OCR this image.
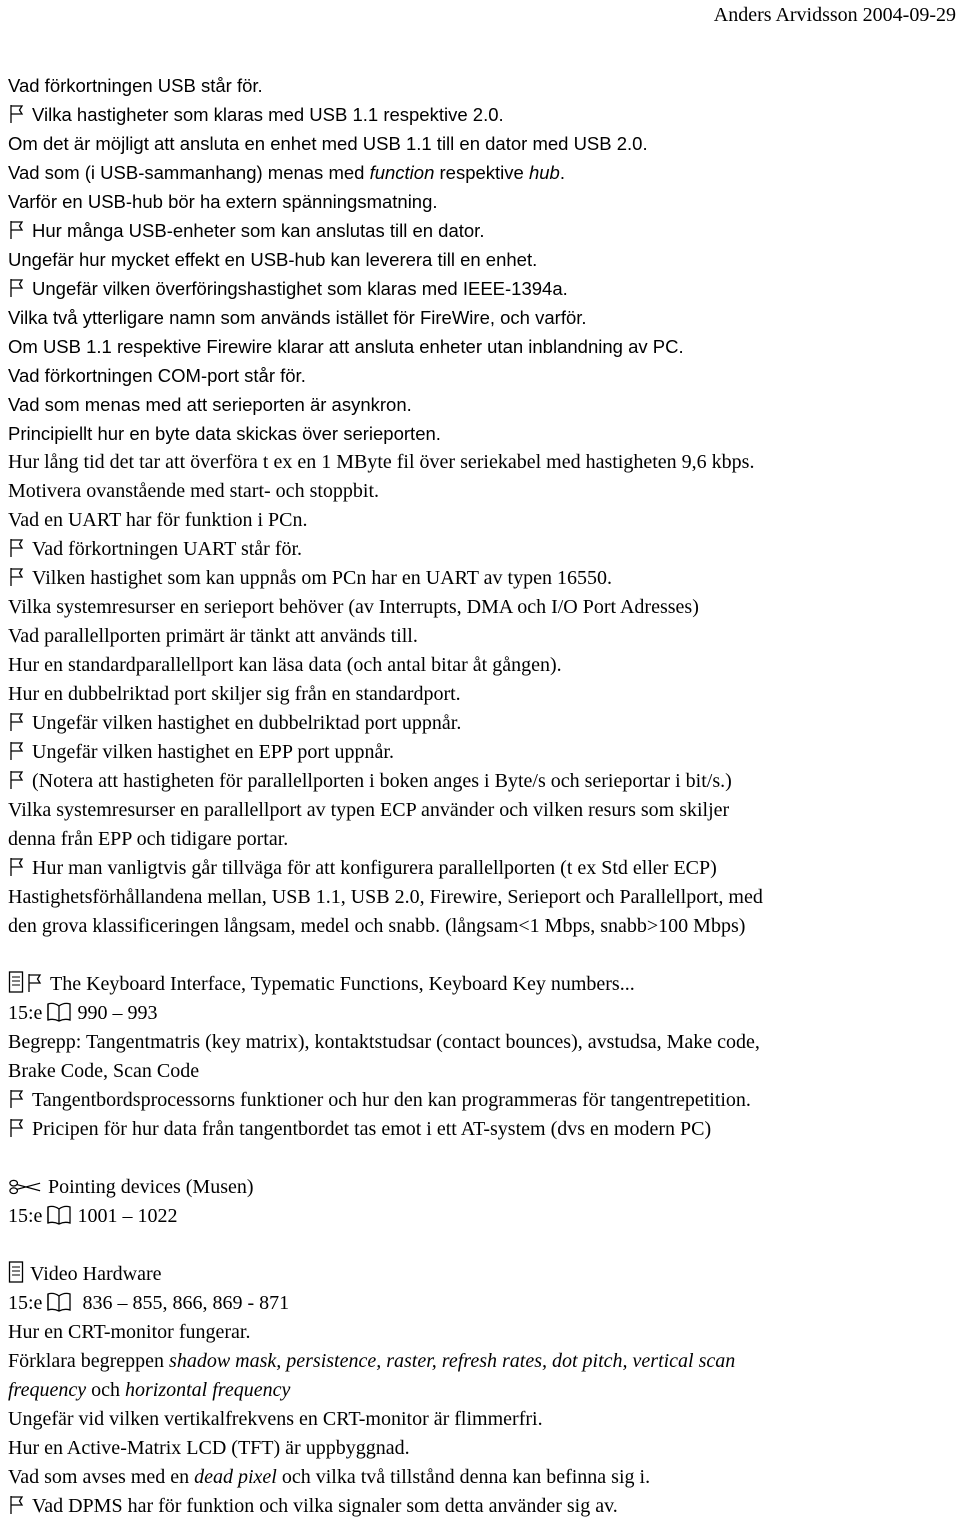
Anders Arvidsson 2004-09-29
Vad förkortningen USB står för.
Vilka hastigheter som klaras med USB 1.1 respektive 2.0.
Om det är möjligt att ansluta en enhet med USB 1.1 till en dator med USB 2.0.
Vad som (i USB-sammanhang) menas med function respektive hub.
Varför en USB-hub bör ha extern spänningsmatning.
Hur många USB-enheter som kan anslutas till en dator.
Ungefär hur mycket effekt en USB-hub kan leverera till en enhet.
Ungefär vilken överföringshastighet som klaras med IEEE-1394a.
Vilka två ytterligare namn som används istället för FireWire, och varför.
Om USB 1.1 respektive Firewire klarar att ansluta enheter utan inblandning av PC.
Vad förkortningen COM-port står för.
Vad som menas med att serieporten är asynkron.
Principiellt hur en byte data skickas över serieporten.
Hur lång tid det tar att överföra t ex en 1 MByte fil över seriekabel med hastigheten 9,6 kbps.
Motivera ovanstående med start- och stoppbit.
Vad en UART har för funktion i PCn.
Vad förkortningen UART står för.
Vilken hastighet som kan uppnås om PCn har en UART av typen 16550.
Vilka systemresurser en serieport behöver (av Interrupts, DMA och I/O Port Adresses)
Vad parallellporten primärt är tänkt att används till.
Hur en standardparallellport kan läsa data (och antal bitar åt gången).
Hur en dubbelriktad port skiljer sig från en standardport.
Ungefär vilken hastighet en dubbelriktad port uppnår.
Ungefär vilken hastighet en EPP port uppnår.
(Notera att hastigheten för parallellporten i boken anges i Byte/s och serieportar i bit/s.)
Vilka systemresurser en parallellport av typen ECP använder och vilken resurs som skiljer
denna från EPP och tidigare portar.
Hur man vanligtvis går tillväga för att konfigurera parallellporten (t ex Std eller ECP)
Hastighetsförhållandena mellan, USB 1.1, USB 2.0, Firewire, Serieport och Parallellport, med
den grova klassificeringen långsam, medel och snabb. (långsam<1 Mbps, snabb>100 Mbps)
The Keyboard Interface, Typematic Functions, Keyboard Key numbers...
15:e 990 – 993
Begrepp: Tangentmatris (key matrix), kontaktstudsar (contact bounces), avstudsa, Make code,
Brake Code, Scan Code
Tangentbordsprocessorns funktioner och hur den kan programmeras för tangentrepetition.
Pricipen för hur data från tangentbordet tas emot i ett AT-system (dvs en modern PC)
Pointing devices (Musen)
15:e 1001 – 1022
Video Hardware
15:e 836 – 855, 866, 869 - 871
Hur en CRT-monitor fungerar.
Förklara begreppen shadow mask, persistence, raster, refresh rates, dot pitch, vertical scan
frequency och horizontal frequency
Ungefär vid vilken vertikalfrekvens en CRT-monitor är flimmerfri.
Hur en Active-Matrix LCD (TFT) är uppbyggnad.
Vad som avses med en dead pixel och vilka två tillstånd denna kan befinna sig i.
Vad DPMS har för funktion och vilka signaler som detta använder sig av.
